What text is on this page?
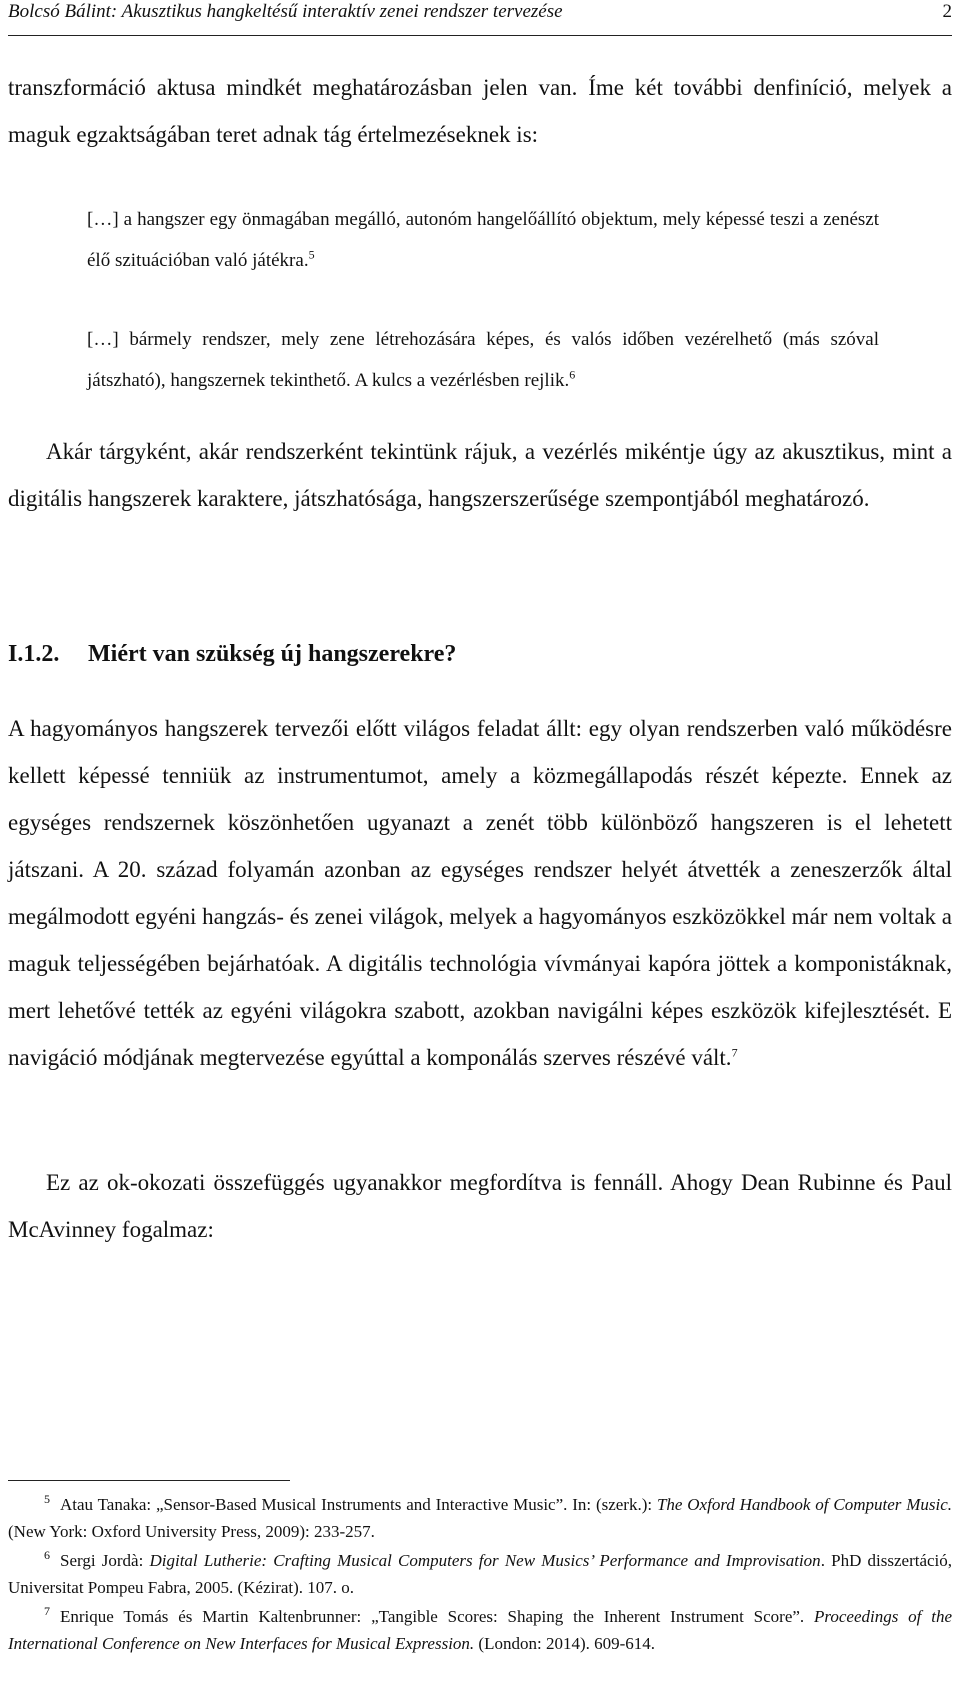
Bolcsó Bálint: Akusztikus hangkeltésű interaktív zenei rendszer tervezése	2
transzformáció aktusa mindkét meghatározásban jelen van. Íme két további denfiníció, melyek a maguk egzaktságában teret adnak tág értelmezéseknek is:
[…] a hangszer egy önmagában megálló, autonóm hangelőállító objektum, mely képessé teszi a zenészt élő szituációban való játékra.$^5$
[…] bármely rendszer, mely zene létrehozására képes, és valós időben vezérelhető (más szóval játszható), hangszernek tekinthető. A kulcs a vezérlésben rejlik.$^6$
Akár tárgyként, akár rendszerként tekintünk rájuk, a vezérlés mikéntje úgy az akusztikus, mint a digitális hangszerek karaktere, játszhatósága, hangszerszerűsége szempontjából meghatározó.
I.1.2. Miért van szükség új hangszerekre?
A hagyományos hangszerek tervezői előtt világos feladat állt: egy olyan rendszerben való működésre kellett képessé tenniük az instrumentumot, amely a közmegállapodás részét képezte. Ennek az egységes rendszernek köszönhetően ugyanazt a zenét több különböző hangszeren is el lehetett játszani. A 20. század folyamán azonban az egységes rendszer helyét átvették a zeneszerzők által megálmodott egyéni hangzás- és zenei világok, melyek a hagyományos eszközökkel már nem voltak a maguk teljességében bejárhatóak. A digitális technológia vívmányai kapóra jöttek a komponistáknak, mert lehetővé tették az egyéni világokra szabott, azokban navigálni képes eszközök kifejlesztését. E navigáció módjának megtervezése egyúttal a komponálás szerves részévé vált.$^7$
Ez az ok-okozati összefüggés ugyanakkor megfordítva is fennáll. Ahogy Dean Rubinne és Paul McAvinney fogalmaz:
5 Atau Tanaka: „Sensor-Based Musical Instruments and Interactive Music”. In: (szerk.): The Oxford Handbook of Computer Music. (New York: Oxford University Press, 2009): 233-257.
6 Sergi Jordà: Digital Lutherie: Crafting Musical Computers for New Musics’ Performance and Improvisation. PhD disszertáció, Universitat Pompeu Fabra, 2005. (Kézirat). 107. o.
7 Enrique Tomás és Martin Kaltenbrunner: „Tangible Scores: Shaping the Inherent Instrument Score”. Proceedings of the International Conference on New Interfaces for Musical Expression. (London: 2014). 609-614.
